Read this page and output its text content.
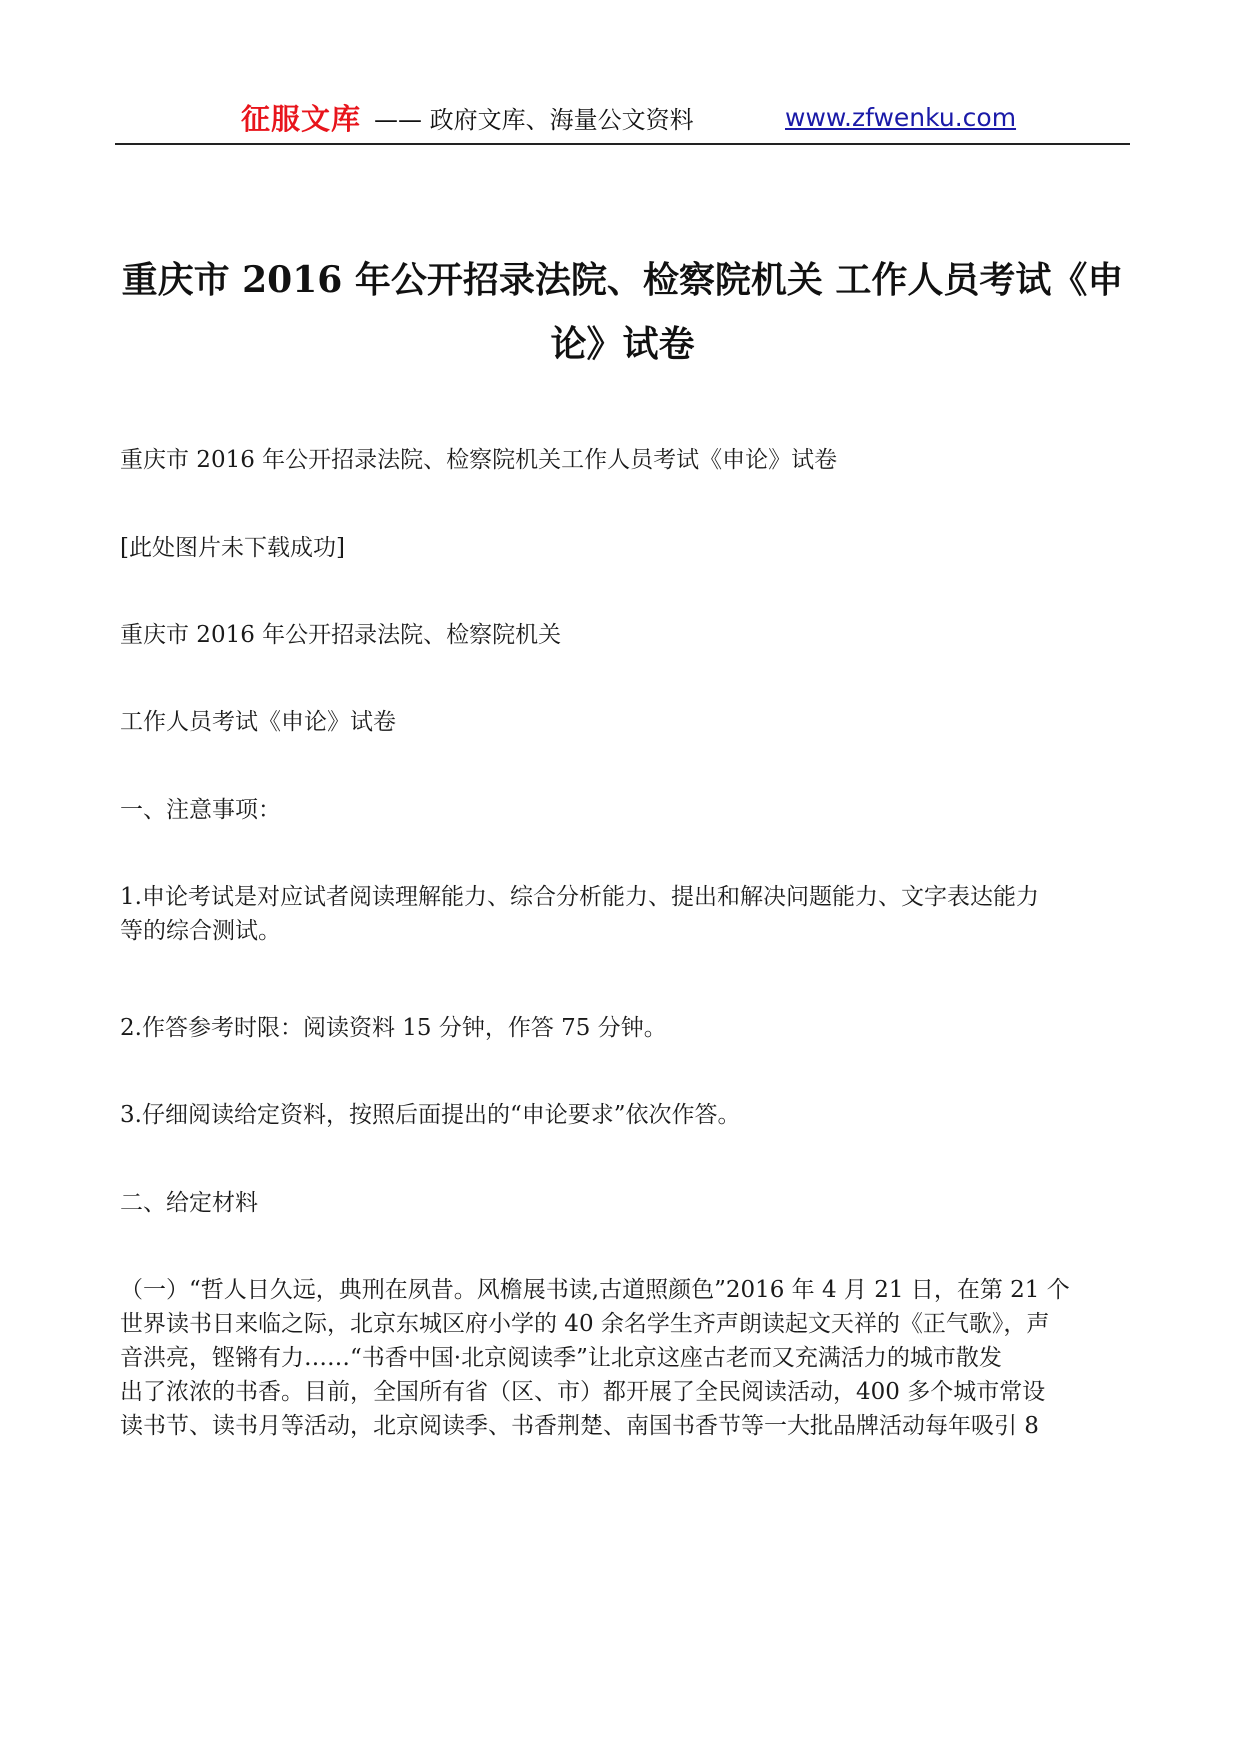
征服文库 —— 政府文库、海量公文资料	www.zfwenku.com
重庆市 2016 年公开招录法院、检察院机关 工作人员考试《申
论》试卷

重庆市 2016 年公开招录法院、检察院机关工作人员考试《申论》试卷

[此处图片未下载成功]

重庆市 2016 年公开招录法院、检察院机关

工作人员考试《申论》试卷

一、注意事项：

1.申论考试是对应试者阅读理解能力、综合分析能力、提出和解决问题能力、文字表达能力
等的综合测试。

2.作答参考时限：阅读资料 15 分钟，作答 75 分钟。

3.仔细阅读给定资料，按照后面提出的“申论要求”依次作答。

二、给定材料

（一）“哲人日久远，典刑在夙昔。风檐展书读,古道照颜色”2016 年 4 月 21 日，在第 21 个
世界读书日来临之际，北京东城区府小学的 40 余名学生齐声朗读起文天祥的《正气歌》，声
音洪亮，铿锵有力……“书香中国·北京阅读季”让北京这座古老而又充满活力的城市散发
出了浓浓的书香。目前，全国所有省（区、市）都开展了全民阅读活动，400 多个城市常设
读书节、读书月等活动，北京阅读季、书香荆楚、南国书香节等一大批品牌活动每年吸引 8
